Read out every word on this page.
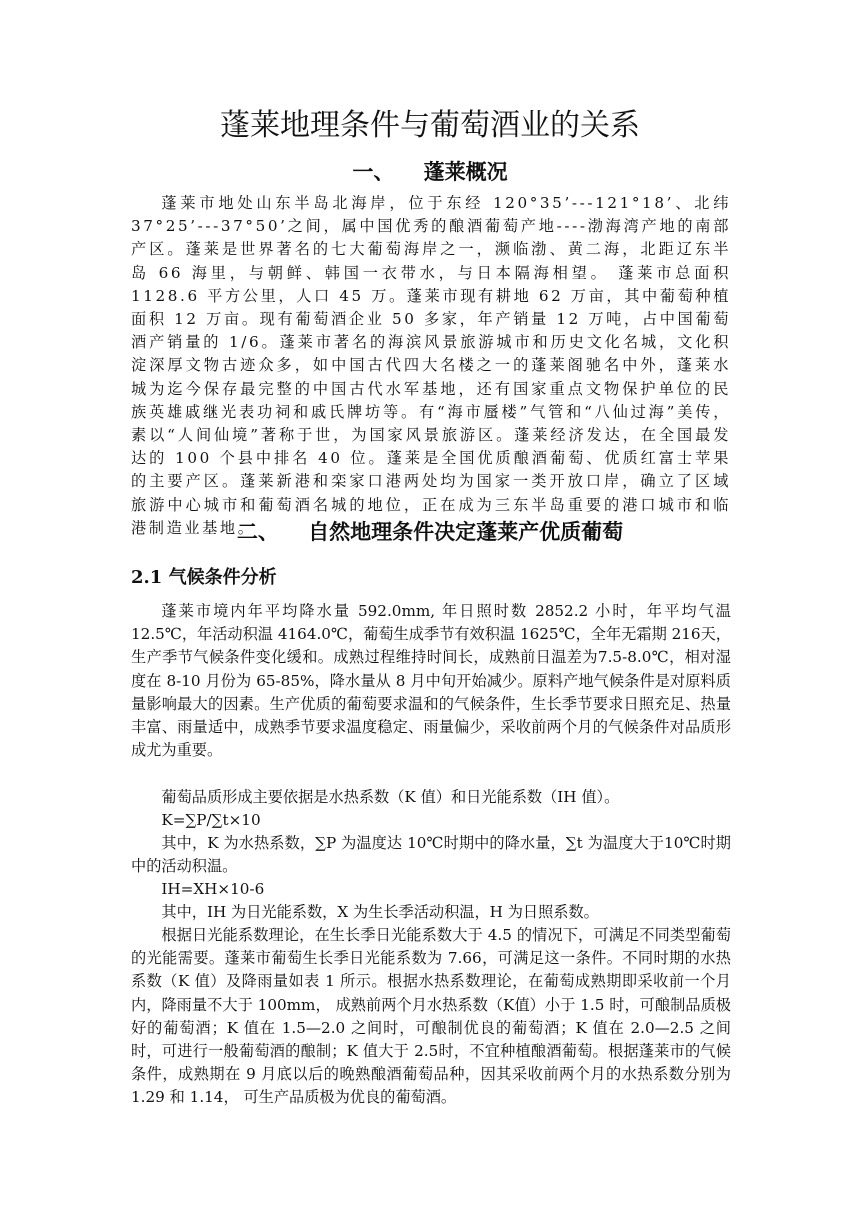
蓬莱地理条件与葡萄酒业的关系
一、    蓬莱概况

蓬莱市地处山东半岛北海岸，位于东经 120°35’---121°18’、北纬37°25’---37°50’之间，属中国优秀的酿酒葡萄产地----渤海湾产地的南部产区。蓬莱是世界著名的七大葡萄海岸之一，濒临渤、黄二海，北距辽东半岛 66 海里，与朝鲜、韩国一衣带水，与日本隔海相望。 蓬莱市总面积 1128.6 平方公里，人口 45 万。蓬莱市现有耕地 62 万亩，其中葡萄种植面积 12 万亩。现有葡萄酒企业 50 多家，年产销量 12 万吨，占中国葡萄酒产销量的 1/6。蓬莱市著名的海滨风景旅游城市和历史文化名城，文化积淀深厚文物古迹众多，如中国古代四大名楼之一的蓬莱阁驰名中外，蓬莱水城为迄今保存最完整的中国古代水军基地，还有国家重点文物保护单位的民族英雄戚继光表功祠和戚氏牌坊等。有“海市蜃楼”气管和“八仙过海”美传，素以“人间仙境”著称于世，为国家风景旅游区。蓬莱经济发达，在全国最发达的 100 个县中排名 40 位。蓬莱是全国优质酿酒葡萄、优质红富士苹果的主要产区。蓬莱新港和栾家口港两处均为国家一类开放口岸，确立了区域旅游中心城市和葡萄酒名城的地位，正在成为三东半岛重要的港口城市和临港制造业基地。

二、    自然地理条件决定蓬莱产优质葡萄
2.1 气候条件分析

蓬莱市境内年平均降水量 592.0mm, 年日照时数 2852.2 小时，年平均气温12.5℃，年活动积温 4164.0℃，葡萄生成季节有效积温 1625℃，全年无霜期 216天，生产季节气候条件变化缓和。成熟过程维持时间长，成熟前日温差为7.5-8.0℃，相对湿度在 8-10 月份为 65-85%，降水量从 8 月中旬开始减少。原料产地气候条件是对原料质量影响最大的因素。生产优质的葡萄要求温和的气候条件，生长季节要求日照充足、热量丰富、雨量适中，成熟季节要求温度稳定、雨量偏少，采收前两个月的气候条件对品质形成尤为重要。

葡萄品质形成主要依据是水热系数（K 值）和日光能系数（IH 值）。

K=∑P/∑t×10

其中，K 为水热系数，∑P 为温度达 10℃时期中的降水量，∑t 为温度大于10℃时期中的活动积温。

IH=XH×10-6

其中，IH 为日光能系数，X 为生长季活动积温，H 为日照系数。

根据日光能系数理论，在生长季日光能系数大于 4.5 的情况下，可满足不同类型葡萄的光能需要。蓬莱市葡萄生长季日光能系数为 7.66，可满足这一条件。不同时期的水热系数（K 值）及降雨量如表 1 所示。根据水热系数理论，在葡萄成熟期即采收前一个月内，降雨量不大于 100mm， 成熟前两个月水热系数（K值）小于 1.5 时，可酿制品质极好的葡萄酒；K 值在 1.5—2.0 之间时，可酿制优良的葡萄酒；K 值在 2.0—2.5 之间时，可进行一般葡萄酒的酿制；K 值大于 2.5时，不宜种植酿酒葡萄。根据蓬莱市的气候条件，成熟期在 9 月底以后的晚熟酿酒葡萄品种，因其采收前两个月的水热系数分别为 1.29 和 1.14， 可生产品质极为优良的葡萄酒。
